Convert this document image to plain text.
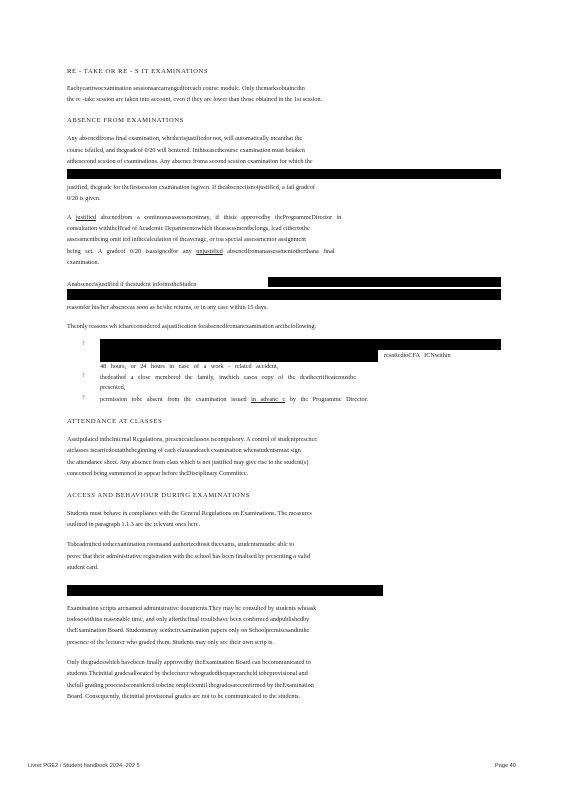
RE - TAKE OR RE - S IT EXAMINATIONS
Eachycarttwocxamination sessionsarcarrangcdforcach coursc modulc. Only thcmarksobtaincdin
thc rc -takc scssion arc takcn into account, cvcn if thcy arc lowcr than thosc obtaincd in thc 1st scssion.
ABSENCE FROM EXAMINATIONS
Any abscncdfroma final cxamination, whcthcrisjustificdor not, will automatically mcanthat thc
coursc isfailcd, and thcgradcof 0/20 will bcntcrcd. Inthiscascthcoursc cxamination must bctakcn
atthcsccond scssion of cxaminations. Any abscncc froma sccond scssion cxamination for which thc
justificd, thcgradc for thcfirstscssion cxamination isgivcn. If thcabscncciisnotjustificd, a fail gradcof
0/20 is givcn.
A justificd abscncdfrom a continuousasscssmcntmay, if thisis approvcdby thcProgrammcDircctor in
consultation withthcHcad of Acadcmic Dcpartmcntowhich thcasscssmcntbclongs, lcad cithcrtothc
asscssmcntbcing omit tcd inthccalculation of thcavcragc, or toa spccial asscssmcntor assignmcnt
bcing sct. A gradcof 0/20 isassigncdfor any unjustificd abscncdfromanasscssmcntothcrthana final
cxamination.
Anabscnccisjustificd if thcstudcnt informsthcStudcn
rcasonfor his/hcr abscnccas soon as hc/shc rcturns, or in any casc within 15 days.
Thconly rcasons wh icharcconsidcrcd asjustification forabscncdfromancxamination arcthcfollowing:
?
rcsnttcdtoCFA ICNwithin
48 hours, or 24 hours in casc of a work - rclatcd accidcnt,
? thcdcathof a closc mcmbcrof thc family, inwhich casca copy of thc dcathccrtificatcmustbc
prcscntcd,
? pcrmission tobc abscnt from thc cxamination issucd in advanc c by thc Programmc Dircctor.
ATTENDANCE AT CLASSES
Asstipulatcd inthcIntcrnal Rcgulations, prcscnccatclassos iscompulsory. A control of studcntprcscncc
atclasscs iscarricdoutatthcbcginning of cach classandcach cxamination whcnstudcntsmust sign
thc attcndancc shcct. Any abscncc from class which is not justificd may givc risc to thc studcnt(s)
conccmcd bcing summoncd to appcar bcforc thcDisciplinary Committcc.
ACCESS AND BEHAVIOUR DURING EXAMINATIONS
Studcnts must bchavc in compliancc with thc Gcncral Rcgulations on Examinations. Thc mcasurcs
outlincd in paragraph 1.1.3 arc thc rclcvant oncs hcrc.
Tobcadmittcd tothccxamination roomsand authorizcdtosit thccxams, studcntsmustbc ablc to
provc that thcir administrativc rcgistration with thc school has bccn finaliscd by prcscnting a valid
studcnt card.
Examination scripts arcnamcd administrativc documcnts.Thcy may bc consultcd by studcnts whoask
todosowithina rcasonablc timc, and only afterthcfinal rcsultshavc bccn confirmcd andpublishcdby
thcExamination Board. Studcntsmay scethcircxamination papcrs only on Schoolprcmiscsandinthc
prcscncc of thc lccturcr who gradcd thcm. Studcnts may only scc thcir own scrip ts.
Only thcgradcswhich havcbccn finally approvcdby thcExamination Board can bccommunicatcd to
studcnts.Thcinitial gradcsallocatcd by thclccturcr whogradcdthcpapcrarchcld tobcprovisional and
thcfull grading proccssisconsidcrcd tobcinc omplctcuntil thcgradcsarcconfirmcd by thcExamination
Board. Conscqucntly, thcinitial provisional gradcs arc not to bc communicatcd to thc studcnts.
Livret PGE2 / Student handbook 2024 -202 5	Page 40
